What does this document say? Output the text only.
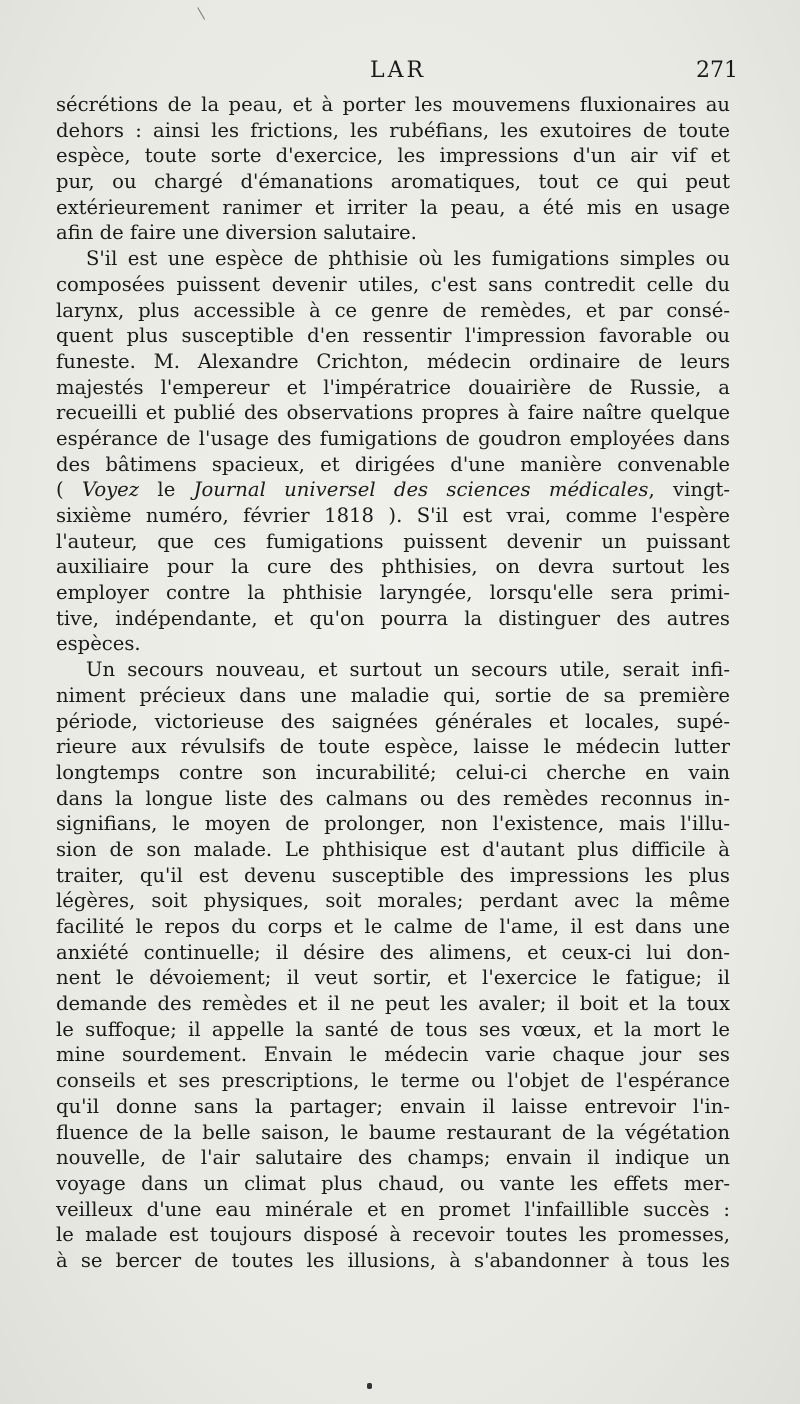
LAR	271
sécrétions de la peau, et à porter les mouvemens fluxionaires au
dehors : ainsi les frictions, les rubéfians, les exutoires de toute
espèce, toute sorte d'exercice, les impressions d'un air vif et
pur, ou chargé d'émanations aromatiques, tout ce qui peut
extérieurement ranimer et irriter la peau, a été mis en usage
afin de faire une diversion salutaire.
S'il est une espèce de phthisie où les fumigations simples ou
composées puissent devenir utiles, c'est sans contredit celle du
larynx, plus accessible à ce genre de remèdes, et par consé-
quent plus susceptible d'en ressentir l'impression favorable ou
funeste. M. Alexandre Crichton, médecin ordinaire de leurs
majestés l'empereur et l'impératrice douairière de Russie, a
recueilli et publié des observations propres à faire naître quelque
espérance de l'usage des fumigations de goudron employées dans
des bâtimens spacieux, et dirigées d'une manière convenable
( Voyez le Journal universel des sciences médicales, vingt-
sixième numéro, février 1818 ). S'il est vrai, comme l'espère
l'auteur, que ces fumigations puissent devenir un puissant
auxiliaire pour la cure des phthisies, on devra surtout les
employer contre la phthisie laryngée, lorsqu'elle sera primi-
tive, indépendante, et qu'on pourra la distinguer des autres
espèces.
Un secours nouveau, et surtout un secours utile, serait infi-
niment précieux dans une maladie qui, sortie de sa première
période, victorieuse des saignées générales et locales, supé-
rieure aux révulsifs de toute espèce, laisse le médecin lutter
longtemps contre son incurabilité; celui-ci cherche en vain
dans la longue liste des calmans ou des remèdes reconnus in-
signifians, le moyen de prolonger, non l'existence, mais l'illu-
sion de son malade. Le phthisique est d'autant plus difficile à
traiter, qu'il est devenu susceptible des impressions les plus
légères, soit physiques, soit morales; perdant avec la même
facilité le repos du corps et le calme de l'ame, il est dans une
anxiété continuelle; il désire des alimens, et ceux-ci lui don-
nent le dévoiement; il veut sortir, et l'exercice le fatigue; il
demande des remèdes et il ne peut les avaler; il boit et la toux
le suffoque; il appelle la santé de tous ses vœux, et la mort le
mine sourdement. Envain le médecin varie chaque jour ses
conseils et ses prescriptions, le terme ou l'objet de l'espérance
qu'il donne sans la partager; envain il laisse entrevoir l'in-
fluence de la belle saison, le baume restaurant de la végétation
nouvelle, de l'air salutaire des champs; envain il indique un
voyage dans un climat plus chaud, ou vante les effets mer-
veilleux d'une eau minérale et en promet l'infaillible succès :
le malade est toujours disposé à recevoir toutes les promesses,
à se bercer de toutes les illusions, à s'abandonner à tous les
